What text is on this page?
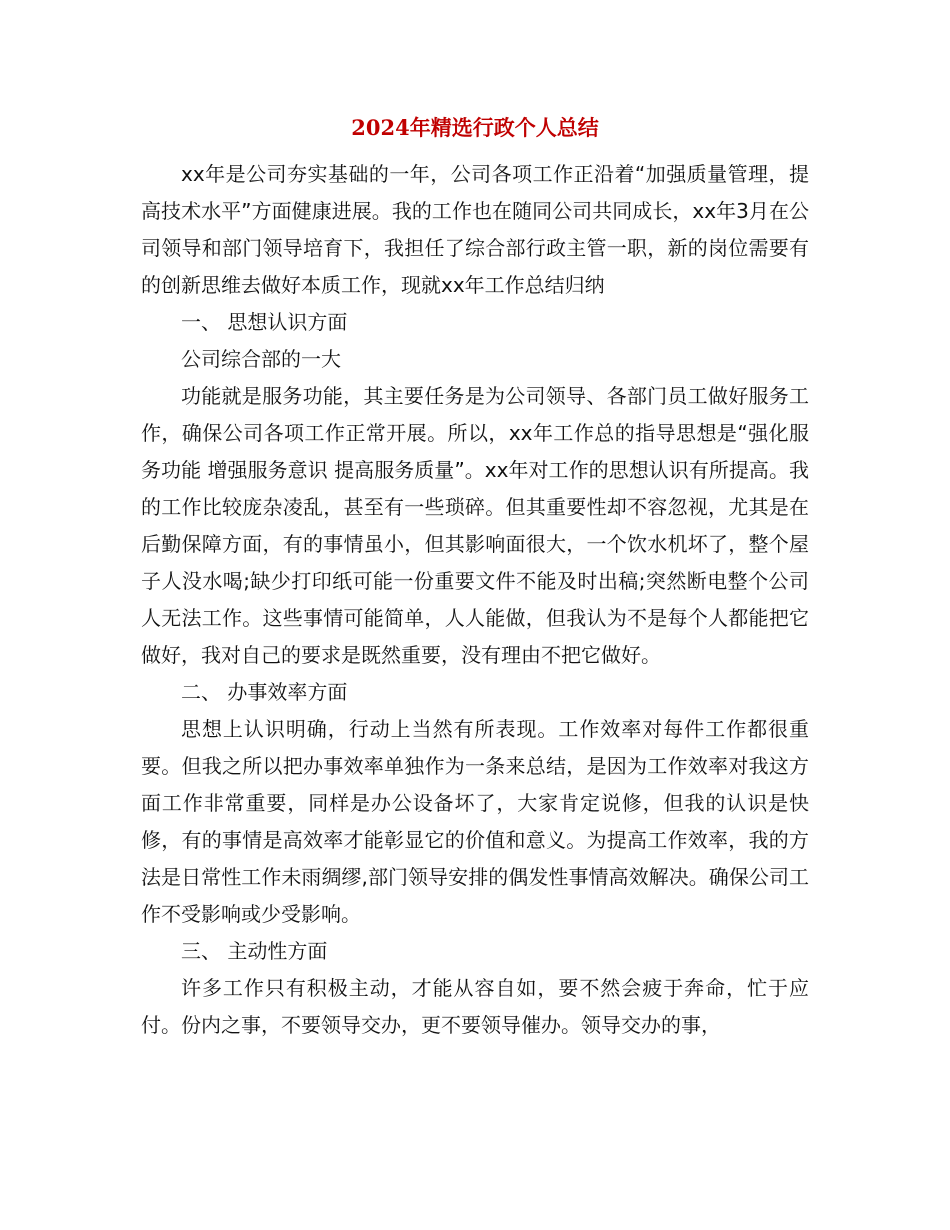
2024年精选行政个人总结

xx年是公司夯实基础的一年，公司各项工作正沿着“加强质量管理，提高技术水平”方面健康进展。我的工作也在随同公司共同成长，xx年3月在公司领导和部门领导培育下，我担任了综合部行政主管一职，新的岗位需要有的创新思维去做好本质工作，现就xx年工作总结归纳

一、 思想认识方面

公司综合部的一大

功能就是服务功能，其主要任务是为公司领导、各部门员工做好服务工作，确保公司各项工作正常开展。所以，xx年工作总的指导思想是“强化服务功能 增强服务意识 提高服务质量”。xx年对工作的思想认识有所提高。我的工作比较庞杂凌乱，甚至有一些琐碎。但其重要性却不容忽视，尤其是在后勤保障方面，有的事情虽小，但其影响面很大，一个饮水机坏了，整个屋子人没水喝;缺少打印纸可能一份重要文件不能及时出稿;突然断电整个公司人无法工作。这些事情可能简单，人人能做，但我认为不是每个人都能把它做好，我对自己的要求是既然重要，没有理由不把它做好。

二、 办事效率方面

思想上认识明确，行动上当然有所表现。工作效率对每件工作都很重要。但我之所以把办事效率单独作为一条来总结，是因为工作效率对我这方面工作非常重要，同样是办公设备坏了，大家肯定说修，但我的认识是快修，有的事情是高效率才能彰显它的价值和意义。为提高工作效率，我的方法是日常性工作未雨绸缪,部门领导安排的偶发性事情高效解决。确保公司工作不受影响或少受影响。

三、 主动性方面

许多工作只有积极主动，才能从容自如，要不然会疲于奔命，忙于应付。份内之事，不要领导交办，更不要领导催办。领导交办的事，
